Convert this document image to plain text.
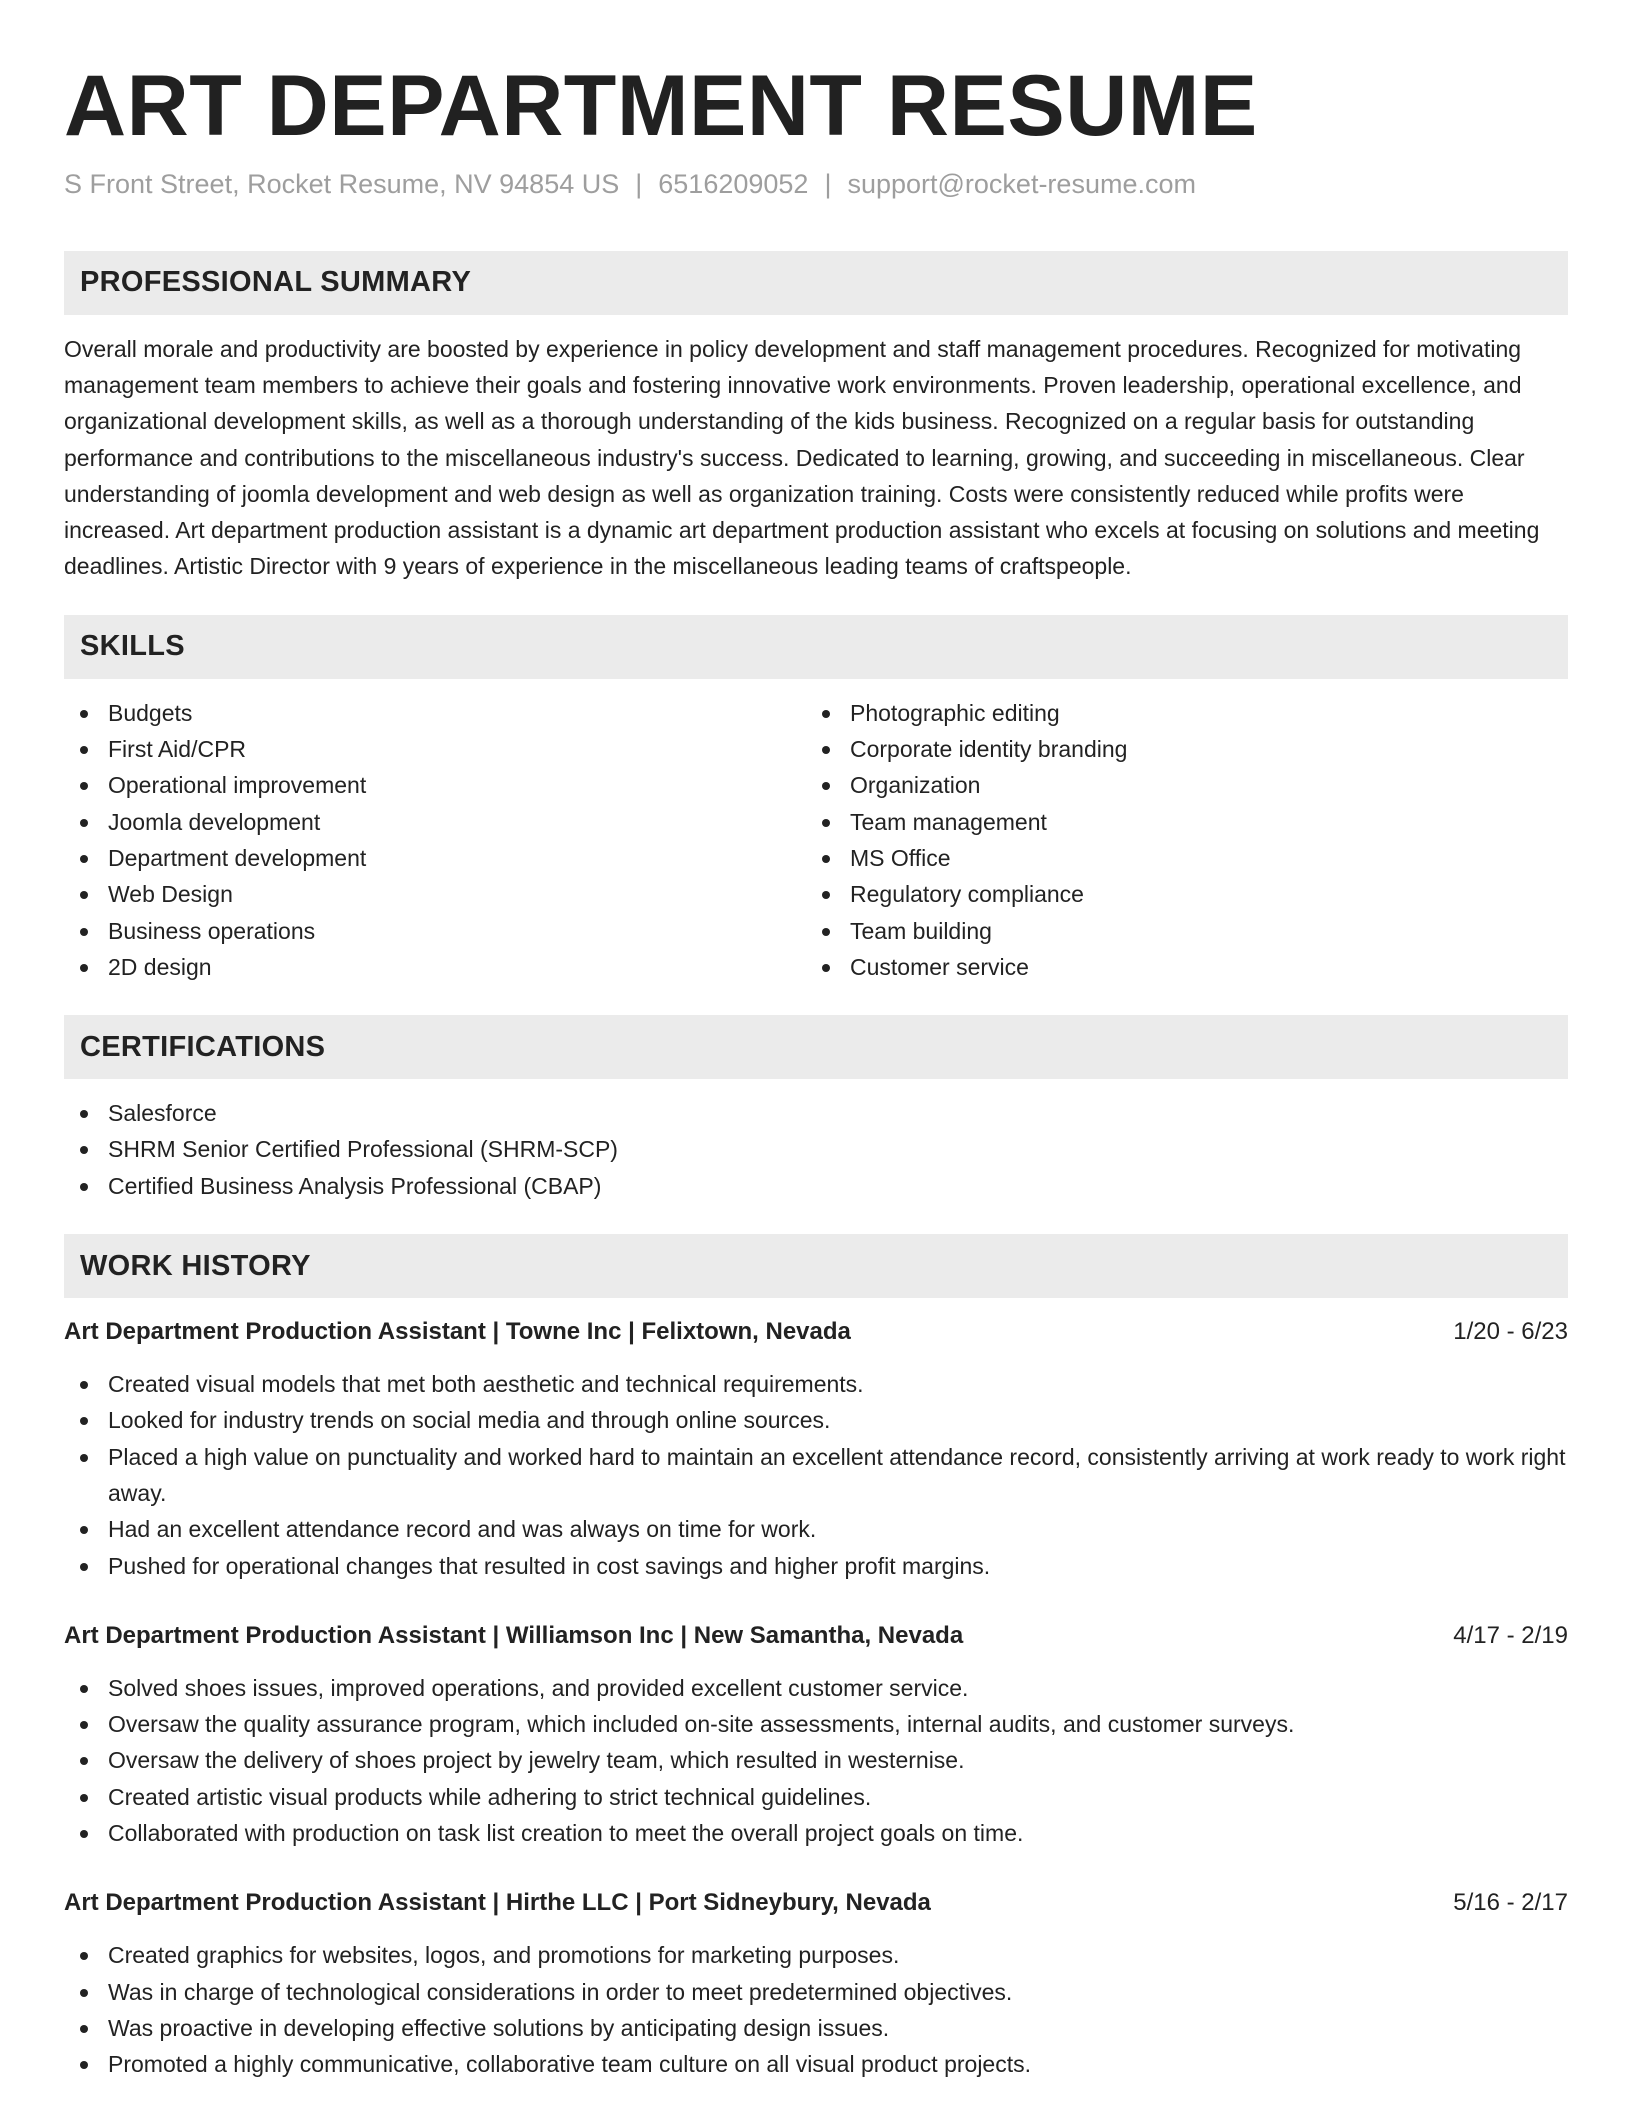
ART DEPARTMENT RESUME
S Front Street, Rocket Resume, NV 94854 US | 6516209052 | support@rocket-resume.com
PROFESSIONAL SUMMARY

Overall morale and productivity are boosted by experience in policy development and staff management procedures. Recognized for motivating management team members to achieve their goals and fostering innovative work environments. Proven leadership, operational excellence, and organizational development skills, as well as a thorough understanding of the kids business. Recognized on a regular basis for outstanding performance and contributions to the miscellaneous industry's success. Dedicated to learning, growing, and succeeding in miscellaneous. Clear understanding of joomla development and web design as well as organization training. Costs were consistently reduced while profits were increased. Art department production assistant is a dynamic art department production assistant who excels at focusing on solutions and meeting deadlines. Artistic Director with 9 years of experience in the miscellaneous leading teams of craftspeople.

SKILLS
Budgets
First Aid/CPR
Operational improvement
Joomla development
Department development
Web Design
Business operations
2D design
Photographic editing
Corporate identity branding
Organization
Team management
MS Office
Regulatory compliance
Team building
Customer service
CERTIFICATIONS
Salesforce
SHRM Senior Certified Professional (SHRM-SCP)
Certified Business Analysis Professional (CBAP)
WORK HISTORY
Art Department Production Assistant | Towne Inc | Felixtown, Nevada	1/20 - 6/23
Created visual models that met both aesthetic and technical requirements.
Looked for industry trends on social media and through online sources.
Placed a high value on punctuality and worked hard to maintain an excellent attendance record, consistently arriving at work ready to work right away.
Had an excellent attendance record and was always on time for work.
Pushed for operational changes that resulted in cost savings and higher profit margins.
Art Department Production Assistant | Williamson Inc | New Samantha, Nevada	4/17 - 2/19
Solved shoes issues, improved operations, and provided excellent customer service.
Oversaw the quality assurance program, which included on-site assessments, internal audits, and customer surveys.
Oversaw the delivery of shoes project by jewelry team, which resulted in westernise.
Created artistic visual products while adhering to strict technical guidelines.
Collaborated with production on task list creation to meet the overall project goals on time.
Art Department Production Assistant | Hirthe LLC | Port Sidneybury, Nevada	5/16 - 2/17
Created graphics for websites, logos, and promotions for marketing purposes.
Was in charge of technological considerations in order to meet predetermined objectives.
Was proactive in developing effective solutions by anticipating design issues.
Promoted a highly communicative, collaborative team culture on all visual product projects.
